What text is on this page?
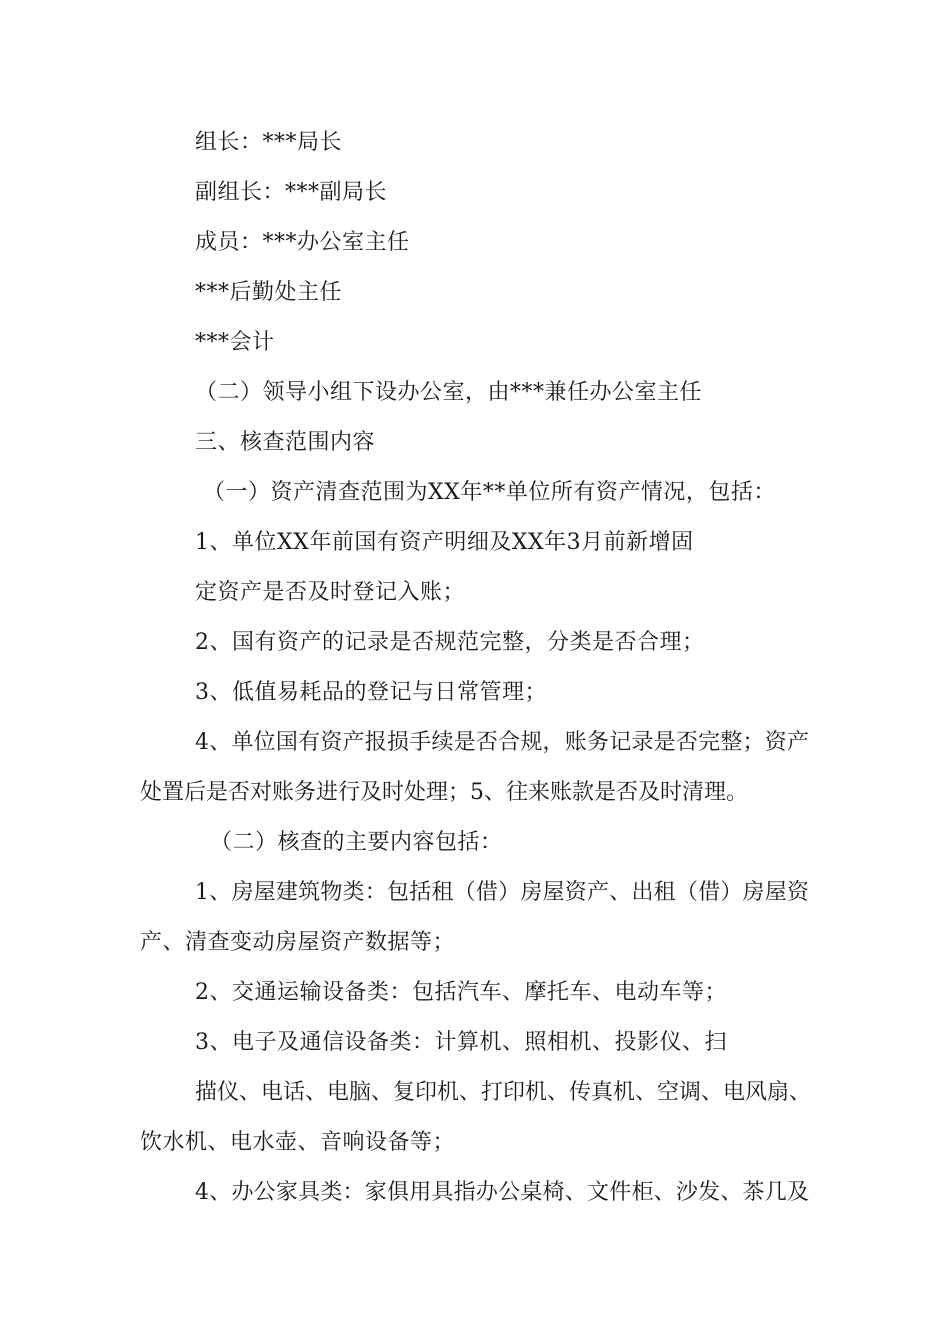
组长：***局长
副组长：***副局长
成员：***办公室主任
***后勤处主任
***会计
（二）领导小组下设办公室，由***兼任办公室主任
三、核查范围内容
（一）资产清查范围为XX年**单位所有资产情况，包括：
1、单位XX年前国有资产明细及XX年3月前新增固
定资产是否及时登记入账；
2、国有资产的记录是否规范完整，分类是否合理；
3、低值易耗品的登记与日常管理；
4、单位国有资产报损手续是否合规，账务记录是否完整；资产
处置后是否对账务进行及时处理；5、往来账款是否及时清理。
（二）核查的主要内容包括：
1、房屋建筑物类：包括租（借）房屋资产、出租（借）房屋资
产、清查变动房屋资产数据等；
2、交通运输设备类：包括汽车、摩托车、电动车等；
3、电子及通信设备类：计算机、照相机、投影仪、扫
描仪、电话、电脑、复印机、打印机、传真机、空调、电风扇、
饮水机、电水壶、音响设备等；
4、办公家具类：家俱用具指办公桌椅、文件柜、沙发、茶几及
